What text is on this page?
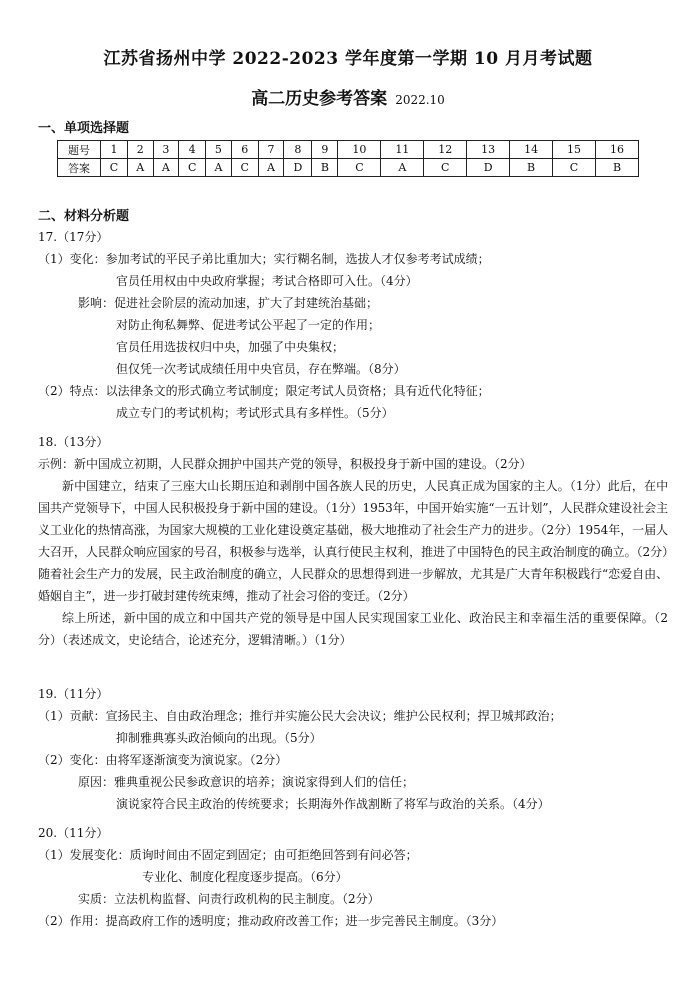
江苏省扬州中学 2022-2023 学年度第一学期 10 月月考试题
高二历史参考答案 2022.10
一、单项选择题
题号	1	2	3	4	5	6	7	8	9	10	11	12	13	14	15	16
答案	C	A	A	C	A	C	A	D	B	C	A	C	D	B	C	B
二、材料分析题
17.（17分）
（1）变化：参加考试的平民子弟比重加大；实行糊名制，选拔人才仅参考考试成绩；
官员任用权由中央政府掌握；考试合格即可入仕。（4分）
影响：促进社会阶层的流动加速，扩大了封建统治基础；
对防止徇私舞弊、促进考试公平起了一定的作用；
官员任用选拔权归中央，加强了中央集权；
但仅凭一次考试成绩任用中央官员，存在弊端。（8分）
（2）特点：以法律条文的形式确立考试制度；限定考试人员资格；具有近代化特征；
成立专门的考试机构；考试形式具有多样性。（5分）
18.（13分）
示例：新中国成立初期，人民群众拥护中国共产党的领导，积极投身于新中国的建设。（2分）
新中国建立，结束了三座大山长期压迫和剥削中国各族人民的历史，人民真正成为国家的主人。（1分）此后，在中国共产党领导下，中国人民积极投身于新中国的建设。（1分）1953年，中国开始实施“一五计划”，人民群众建设社会主义工业化的热情高涨，为国家大规模的工业化建设奠定基础，极大地推动了社会生产力的进步。（2分）1954年，一届人大召开，人民群众响应国家的号召，积极参与选举，认真行使民主权利，推进了中国特色的民主政治制度的确立。（2分）随着社会生产力的发展，民主政治制度的确立，人民群众的思想得到进一步解放，尤其是广大青年积极践行“恋爱自由、婚姻自主”，进一步打破封建传统束缚，推动了社会习俗的变迁。（2分）
综上所述，新中国的成立和中国共产党的领导是中国人民实现国家工业化、政治民主和幸福生活的重要保障。（2分）（表述成文，史论结合，论述充分，逻辑清晰。）（1分）
19.（11分）
（1）贡献：宣扬民主、自由政治理念；推行并实施公民大会决议；维护公民权利；捍卫城邦政治；
抑制雅典寡头政治倾向的出现。（5分）
（2）变化：由将军逐渐演变为演说家。（2分）
原因：雅典重视公民参政意识的培养；演说家得到人们的信任；
演说家符合民主政治的传统要求；长期海外作战割断了将军与政治的关系。（4分）
20.（11分）
（1）发展变化：质询时间由不固定到固定；由可拒绝回答到有问必答；
专业化、制度化程度逐步提高。（6分）
实质：立法机构监督、问责行政机构的民主制度。（2分）
（2）作用：提高政府工作的透明度；推动政府改善工作；进一步完善民主制度。（3分）
